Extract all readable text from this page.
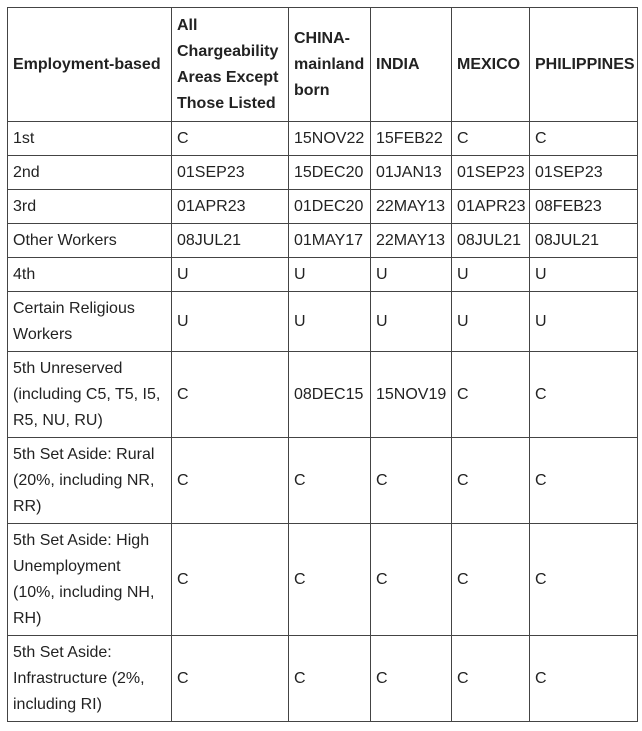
Employment-based	All Chargeability Areas Except Those Listed	CHINA-mainland born	INDIA	MEXICO	PHILIPPINES

1st	C	15NOV22	15FEB22	C	C
2nd	01SEP23	15DEC20	01JAN13	01SEP23	01SEP23
3rd	01APR23	01DEC20	22MAY13	01APR23	08FEB23
Other Workers	08JUL21	01MAY17	22MAY13	08JUL21	08JUL21
4th	U	U	U	U	U
Certain Religious Workers	U	U	U	U	U
5th Unreserved (including C5, T5, I5, R5, NU, RU)	C	08DEC15	15NOV19	C	C
5th Set Aside: Rural (20%, including NR, RR)	C	C	C	C	C
5th Set Aside: High Unemployment (10%, including NH, RH)	C	C	C	C	C
5th Set Aside: Infrastructure (2%, including RI)	C	C	C	C	C
